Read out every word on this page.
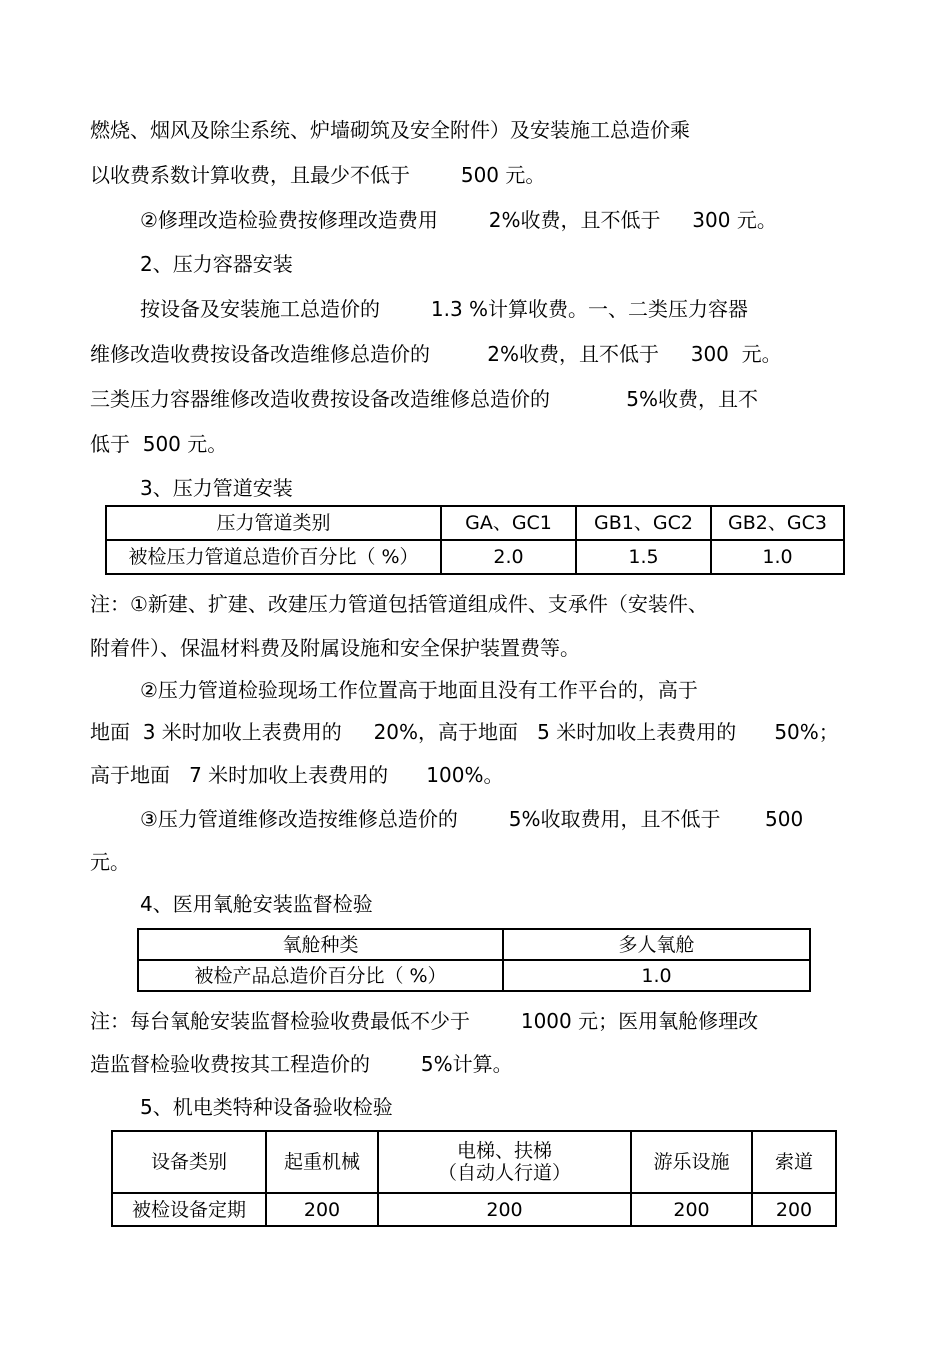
燃烧、烟风及除尘系统、炉墙砌筑及安全附件）及安装施工总造价乘
以收费系数计算收费，且最少不低于        500 元。
②修理改造检验费按修理改造费用        2%收费，且不低于     300 元。
2、压力容器安装
按设备及安装施工总造价的        1.3 %计算收费。一、二类压力容器
维修改造收费按设备改造维修总造价的         2%收费，且不低于     300  元。
三类压力容器维修改造收费按设备改造维修总造价的            5%收费，且不
低于  500 元。
3、压力管道安装
压力管道类别	GA、GC1	GB1、GC2	GB2、GC3
被检压力管道总造价百分比（ %）	2.0	1.5	1.0
注：①新建、扩建、改建压力管道包括管道组成件、支承件（安装件、
附着件）、保温材料费及附属设施和安全保护装置费等。
②压力管道检验现场工作位置高于地面且没有工作平台的，高于
地面  3 米时加收上表费用的     20%，高于地面   5 米时加收上表费用的      50%；
高于地面   7 米时加收上表费用的      100%。
③压力管道维修改造按维修总造价的        5%收取费用，且不低于       500
元。
4、医用氧舱安装监督检验
氧舱种类	多人氧舱
被检产品总造价百分比（ %）	1.0
注：每台氧舱安装监督检验收费最低不少于        1000 元；医用氧舱修理改
造监督检验收费按其工程造价的        5%计算。
5、机电类特种设备验收检验
设备类别	起重机械	电梯、扶梯
（自动人行道）	游乐设施	索道
被检设备定期	200	200	200	200
